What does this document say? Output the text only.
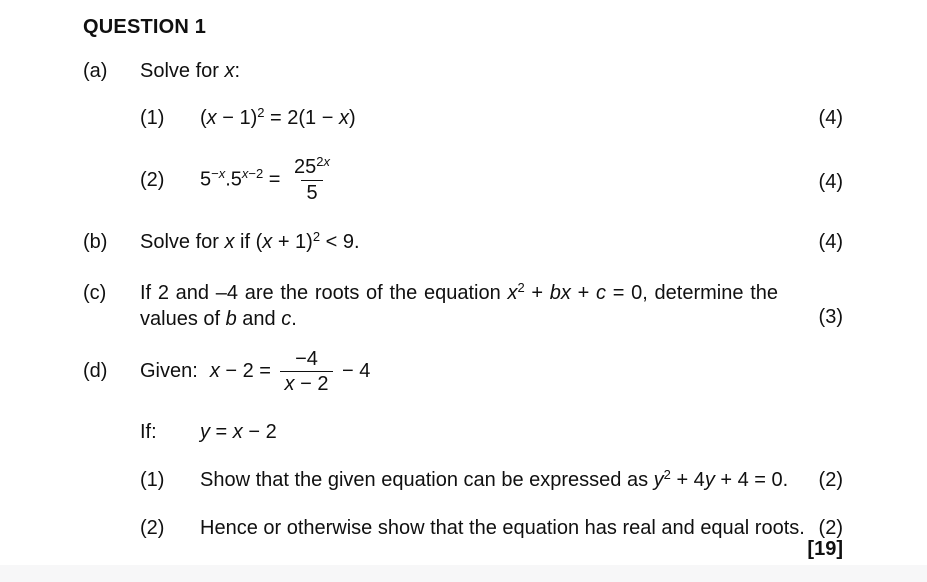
QUESTION 1
(a)	Solve for x:
(1)	$(x - 1)^2 = 2(1 - x)$	(4)
(2)	$5^{-x}.5^{x-2} = \frac{25^{2x}}{5}$	(4)
(b)	Solve for x if $(x + 1)^2 < 9$.	(4)
(c)	If 2 and –4 are the roots of the equation $x^2$ + bx + c = 0, determine the values of b and c.	(3)
(d)	Given: $x - 2 = \frac{-4}{x - 2} - 4$
If:	y = x − 2
(1)	Show that the given equation can be expressed as $y^2 + 4y + 4 = 0$.	(2)
(2)	Hence or otherwise show that the equation has real and equal roots. (2)
[19]
